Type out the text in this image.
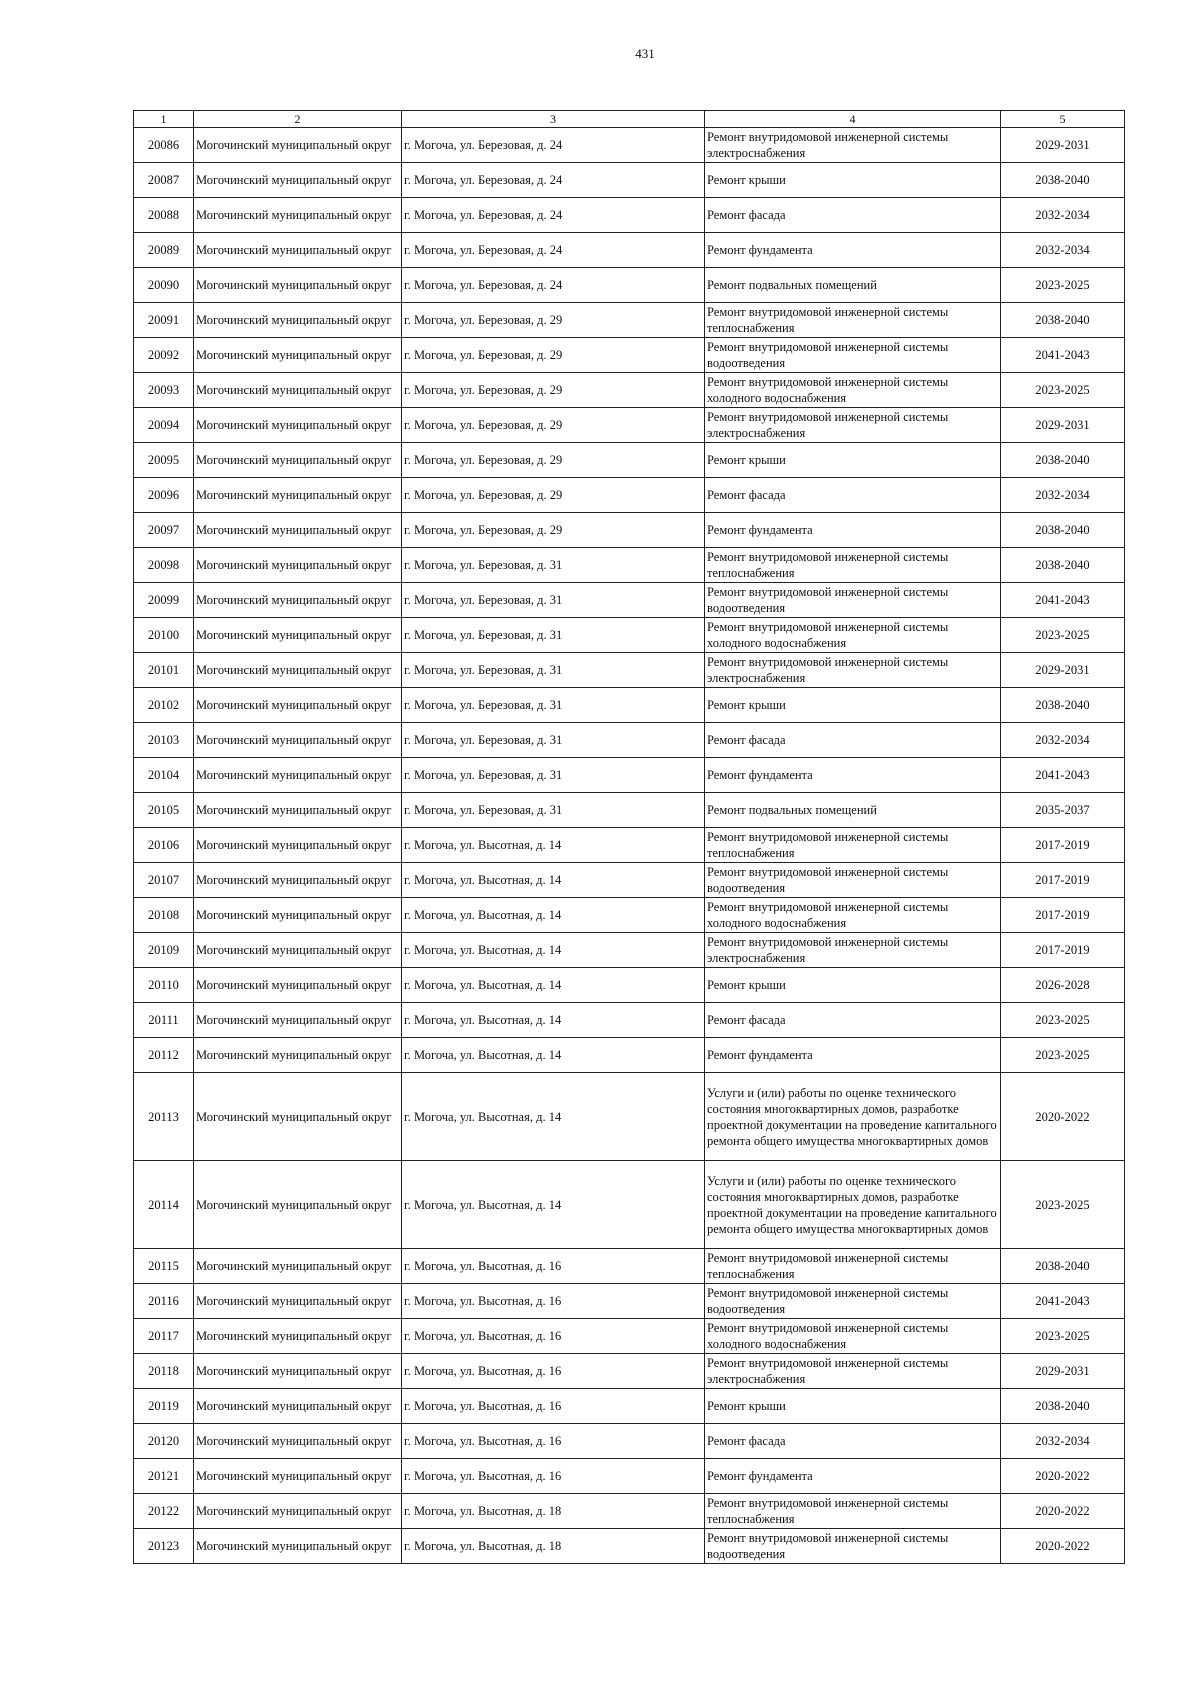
431
1	2	3	4	5
20086	Могочинский муниципальный округ	г. Могоча, ул. Березовая, д. 24	Ремонт внутридомовой инженерной системы электроснабжения	2029-2031
20087	Могочинский муниципальный округ	г. Могоча, ул. Березовая, д. 24	Ремонт крыши	2038-2040
20088	Могочинский муниципальный округ	г. Могоча, ул. Березовая, д. 24	Ремонт фасада	2032-2034
20089	Могочинский муниципальный округ	г. Могоча, ул. Березовая, д. 24	Ремонт фундамента	2032-2034
20090	Могочинский муниципальный округ	г. Могоча, ул. Березовая, д. 24	Ремонт подвальных помещений	2023-2025
20091	Могочинский муниципальный округ	г. Могоча, ул. Березовая, д. 29	Ремонт внутридомовой инженерной системы теплоснабжения	2038-2040
20092	Могочинский муниципальный округ	г. Могоча, ул. Березовая, д. 29	Ремонт внутридомовой инженерной системы водоотведения	2041-2043
20093	Могочинский муниципальный округ	г. Могоча, ул. Березовая, д. 29	Ремонт внутридомовой инженерной системы холодного водоснабжения	2023-2025
20094	Могочинский муниципальный округ	г. Могоча, ул. Березовая, д. 29	Ремонт внутридомовой инженерной системы электроснабжения	2029-2031
20095	Могочинский муниципальный округ	г. Могоча, ул. Березовая, д. 29	Ремонт крыши	2038-2040
20096	Могочинский муниципальный округ	г. Могоча, ул. Березовая, д. 29	Ремонт фасада	2032-2034
20097	Могочинский муниципальный округ	г. Могоча, ул. Березовая, д. 29	Ремонт фундамента	2038-2040
20098	Могочинский муниципальный округ	г. Могоча, ул. Березовая, д. 31	Ремонт внутридомовой инженерной системы теплоснабжения	2038-2040
20099	Могочинский муниципальный округ	г. Могоча, ул. Березовая, д. 31	Ремонт внутридомовой инженерной системы водоотведения	2041-2043
20100	Могочинский муниципальный округ	г. Могоча, ул. Березовая, д. 31	Ремонт внутридомовой инженерной системы холодного водоснабжения	2023-2025
20101	Могочинский муниципальный округ	г. Могоча, ул. Березовая, д. 31	Ремонт внутридомовой инженерной системы электроснабжения	2029-2031
20102	Могочинский муниципальный округ	г. Могоча, ул. Березовая, д. 31	Ремонт крыши	2038-2040
20103	Могочинский муниципальный округ	г. Могоча, ул. Березовая, д. 31	Ремонт фасада	2032-2034
20104	Могочинский муниципальный округ	г. Могоча, ул. Березовая, д. 31	Ремонт фундамента	2041-2043
20105	Могочинский муниципальный округ	г. Могоча, ул. Березовая, д. 31	Ремонт подвальных помещений	2035-2037
20106	Могочинский муниципальный округ	г. Могоча, ул. Высотная, д. 14	Ремонт внутридомовой инженерной системы теплоснабжения	2017-2019
20107	Могочинский муниципальный округ	г. Могоча, ул. Высотная, д. 14	Ремонт внутридомовой инженерной системы водоотведения	2017-2019
20108	Могочинский муниципальный округ	г. Могоча, ул. Высотная, д. 14	Ремонт внутридомовой инженерной системы холодного водоснабжения	2017-2019
20109	Могочинский муниципальный округ	г. Могоча, ул. Высотная, д. 14	Ремонт внутридомовой инженерной системы электроснабжения	2017-2019
20110	Могочинский муниципальный округ	г. Могоча, ул. Высотная, д. 14	Ремонт крыши	2026-2028
20111	Могочинский муниципальный округ	г. Могоча, ул. Высотная, д. 14	Ремонт фасада	2023-2025
20112	Могочинский муниципальный округ	г. Могоча, ул. Высотная, д. 14	Ремонт фундамента	2023-2025
20113	Могочинский муниципальный округ	г. Могоча, ул. Высотная, д. 14	Услуги и (или) работы по оценке технического состояния многоквартирных домов, разработке проектной документации на проведение капитального ремонта общего имущества многоквартирных домов	2020-2022
20114	Могочинский муниципальный округ	г. Могоча, ул. Высотная, д. 14	Услуги и (или) работы по оценке технического состояния многоквартирных домов, разработке проектной документации на проведение капитального ремонта общего имущества многоквартирных домов	2023-2025
20115	Могочинский муниципальный округ	г. Могоча, ул. Высотная, д. 16	Ремонт внутридомовой инженерной системы теплоснабжения	2038-2040
20116	Могочинский муниципальный округ	г. Могоча, ул. Высотная, д. 16	Ремонт внутридомовой инженерной системы водоотведения	2041-2043
20117	Могочинский муниципальный округ	г. Могоча, ул. Высотная, д. 16	Ремонт внутридомовой инженерной системы холодного водоснабжения	2023-2025
20118	Могочинский муниципальный округ	г. Могоча, ул. Высотная, д. 16	Ремонт внутридомовой инженерной системы электроснабжения	2029-2031
20119	Могочинский муниципальный округ	г. Могоча, ул. Высотная, д. 16	Ремонт крыши	2038-2040
20120	Могочинский муниципальный округ	г. Могоча, ул. Высотная, д. 16	Ремонт фасада	2032-2034
20121	Могочинский муниципальный округ	г. Могоча, ул. Высотная, д. 16	Ремонт фундамента	2020-2022
20122	Могочинский муниципальный округ	г. Могоча, ул. Высотная, д. 18	Ремонт внутридомовой инженерной системы теплоснабжения	2020-2022
20123	Могочинский муниципальный округ	г. Могоча, ул. Высотная, д. 18	Ремонт внутридомовой инженерной системы водоотведения	2020-2022
